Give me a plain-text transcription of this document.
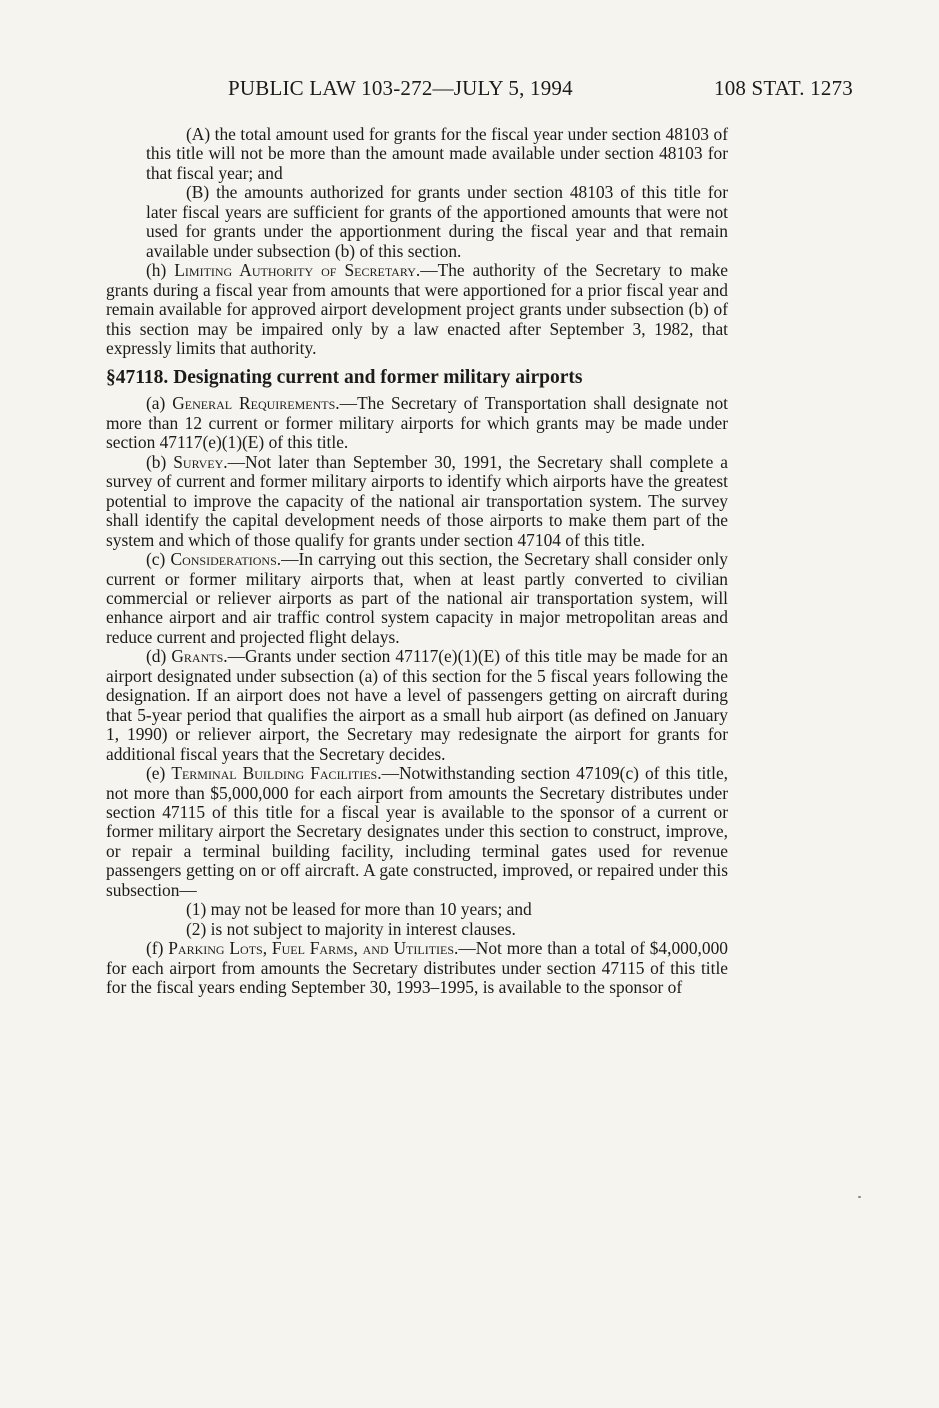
PUBLIC LAW 103-272—JULY 5, 1994	108 STAT. 1273

(A) the total amount used for grants for the fiscal year under section 48103 of this title will not be more than the amount made available under section 48103 for that fiscal year; and

(B) the amounts authorized for grants under section 48103 of this title for later fiscal years are sufficient for grants of the apportioned amounts that were not used for grants under the apportionment during the fiscal year and that remain available under subsection (b) of this section.

(h) Limiting Authority of Secretary.—The authority of the Secretary to make grants during a fiscal year from amounts that were apportioned for a prior fiscal year and remain available for approved airport development project grants under subsection (b) of this section may be impaired only by a law enacted after September 3, 1982, that expressly limits that authority.

§47118. Designating current and former military airports

(a) General Requirements.—The Secretary of Transportation shall designate not more than 12 current or former military airports for which grants may be made under section 47117(e)(1)(E) of this title.

(b) Survey.—Not later than September 30, 1991, the Secretary shall complete a survey of current and former military airports to identify which airports have the greatest potential to improve the capacity of the national air transportation system. The survey shall identify the capital development needs of those airports to make them part of the system and which of those qualify for grants under section 47104 of this title.

(c) Considerations.—In carrying out this section, the Secretary shall consider only current or former military airports that, when at least partly converted to civilian commercial or reliever airports as part of the national air transportation system, will enhance airport and air traffic control system capacity in major metropolitan areas and reduce current and projected flight delays.

(d) Grants.—Grants under section 47117(e)(1)(E) of this title may be made for an airport designated under subsection (a) of this section for the 5 fiscal years following the designation. If an airport does not have a level of passengers getting on aircraft during that 5-year period that qualifies the airport as a small hub airport (as defined on January 1, 1990) or reliever airport, the Secretary may redesignate the airport for grants for additional fiscal years that the Secretary decides.

(e) Terminal Building Facilities.—Notwithstanding section 47109(c) of this title, not more than $5,000,000 for each airport from amounts the Secretary distributes under section 47115 of this title for a fiscal year is available to the sponsor of a current or former military airport the Secretary designates under this section to construct, improve, or repair a terminal building facility, including terminal gates used for revenue passengers getting on or off aircraft. A gate constructed, improved, or repaired under this subsection—

(1) may not be leased for more than 10 years; and

(2) is not subject to majority in interest clauses.

(f) Parking Lots, Fuel Farms, and Utilities.—Not more than a total of $4,000,000 for each airport from amounts the Secretary distributes under section 47115 of this title for the fiscal years ending September 30, 1993–1995, is available to the sponsor of
